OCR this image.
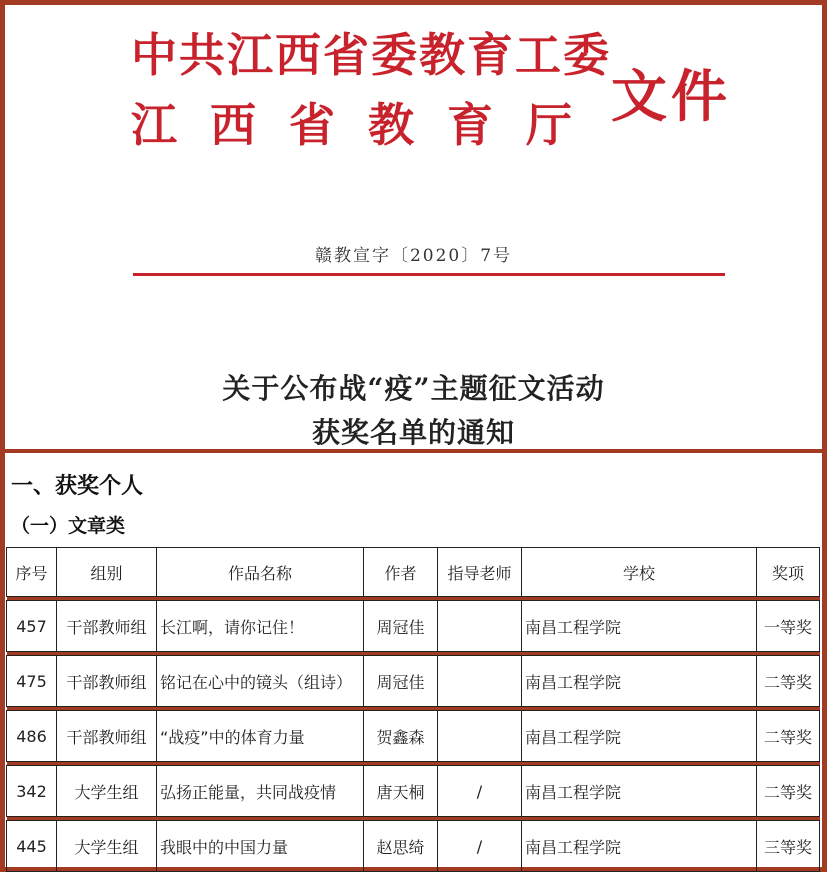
中共江西省委教育工委
江西省教育厅 文件
赣教宣字〔2020〕7号
关于公布战“疫”主题征文活动
获奖名单的通知
一、获奖个人
（一）文章类
序号	组别	作品名称	作者	指导老师	学校	奖项

457	干部教师组	长江啊，请你记住！	周冠佳		南昌工程学院	一等奖

475	干部教师组	铭记在心中的镜头（组诗）	周冠佳		南昌工程学院	二等奖

486	干部教师组	“战疫”中的体育力量	贺鑫森		南昌工程学院	二等奖

342	大学生组	弘扬正能量，共同战疫情	唐天桐	/	南昌工程学院	二等奖

445	大学生组	我眼中的中国力量	赵思绮	/	南昌工程学院	三等奖
